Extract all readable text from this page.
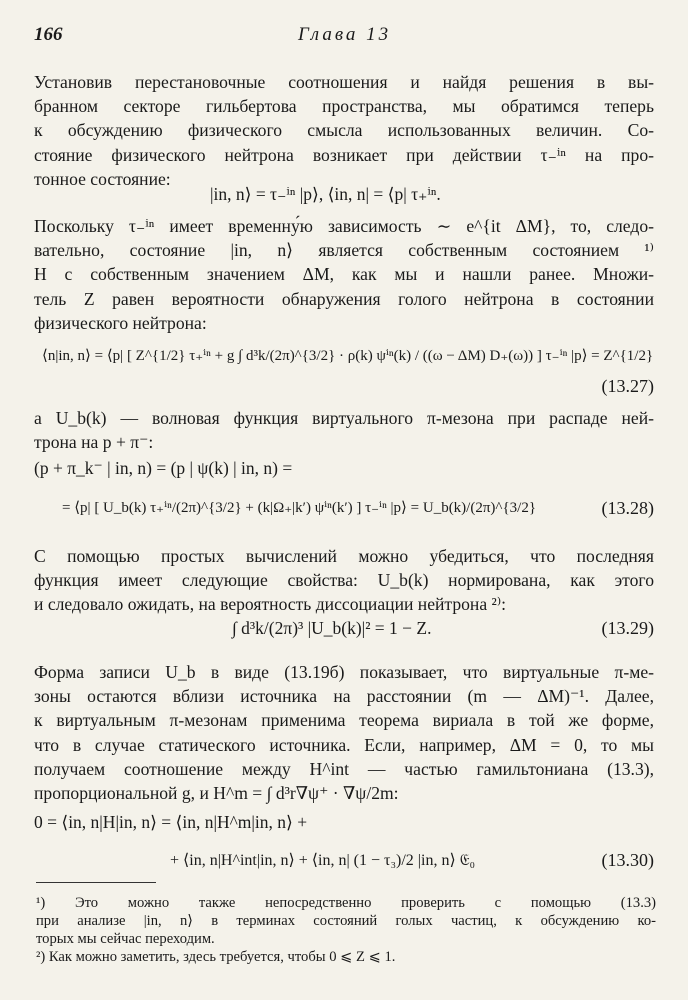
166	Глава 13
Установив перестановочные соотношения и найдя решения в вы-
бранном секторе гильбертова пространства, мы обратимся теперь
к обсуждению физического смысла использованных величин. Со-
стояние физического нейтрона возникает при действии τ₋ⁱⁿ на про-
тонное состояние:
|in, n⟩ = τ₋ⁱⁿ |p⟩, ⟨in, n| = ⟨p| τ₊ⁱⁿ.
Поскольку τ₋ⁱⁿ имеет временну́ю зависимость ∼ e^{it ΔM}, то, следо-
вательно, состояние |in, n⟩ является собственным состоянием ¹⁾
H с собственным значением ΔM, как мы и нашли ранее. Множи-
тель Z равен вероятности обнаружения голого нейтрона в состоянии
физического нейтрона:
⟨n|in, n⟩ = ⟨p| [ Z^{1/2} τ₊ⁱⁿ + g ∫ d³k/(2π)^{3/2} · ρ(k) ψⁱⁿ(k) / ((ω − ΔM) D₊(ω)) ] τ₋ⁱⁿ |p⟩ = Z^{1/2}
(13.27)
а U_b(k) — волновая функция виртуального π-мезона при распаде ней-
трона на p + π⁻:
(p + π_k⁻ | in, n) = (p | ψ(k) | in, n) =
= ⟨p| [ U_b(k) τ₊ⁱⁿ/(2π)^{3/2} + (k|Ω₊|k′) ψⁱⁿ(k′) ] τ₋ⁱⁿ |p⟩ = U_b(k)/(2π)^{3/2}	(13.28)
С помощью простых вычислений можно убедиться, что последняя
функция имеет следующие свойства: U_b(k) нормирована, как этого
и следовало ожидать, на вероятность диссоциации нейтрона ²⁾:
∫ d³k/(2π)³ |U_b(k)|² = 1 − Z.	(13.29)
Форма записи U_b в виде (13.19б) показывает, что виртуальные π-ме-
зоны остаются вблизи источника на расстоянии (m — ΔM)⁻¹. Далее,
к виртуальным π-мезонам применима теорема вириала в той же форме,
что в случае статического источника. Если, например, ΔM = 0, то мы
получаем соотношение между H^int — частью гамильтониана (13.3),
пропорциональной g, и H^m = ∫ d³r∇ψ⁺ · ∇ψ/2m:
0 = ⟨in, n|H|in, n⟩ = ⟨in, n|H^m|in, n⟩ +
+ ⟨in, n|H^int|in, n⟩ + ⟨in, n| (1 − τ₃)/2 |in, n⟩ 𝔈₀	(13.30)
¹) Это можно также непосредственно проверить с помощью (13.3)
при анализе |in, n⟩ в терминах состояний голых частиц, к обсуждению ко-
торых мы сейчас переходим.
²) Как можно заметить, здесь требуется, чтобы 0 ⩽ Z ⩽ 1.
